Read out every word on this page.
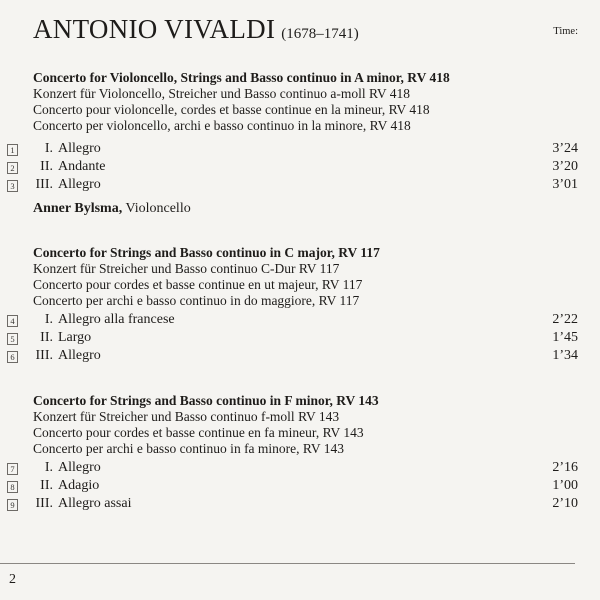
ANTONIO VIVALDI (1678–1741)	Time:
Concerto for Violoncello, Strings and Basso continuo in A minor, RV 418
Konzert für Violoncello, Streicher und Basso continuo a-moll RV 418
Concerto pour violoncelle, cordes et basse continue en la mineur, RV 418
Concerto per violoncello, archi e basso continuo in la minore, RV 418
1	I. Allegro	3’24
2	II. Andante	3’20
3 III. Allegro	3’01
Anner Bylsma, Violoncello
Concerto for Strings and Basso continuo in C major, RV 117
Konzert für Streicher und Basso continuo C-Dur RV 117
Concerto pour cordes et basse continue en ut majeur, RV 117
Concerto per archi e basso continuo in do maggiore, RV 117
4	I. Allegro alla francese	2’22
5	II. Largo	1’45
6 III. Allegro	1’34
Concerto for Strings and Basso continuo in F minor, RV 143
Konzert für Streicher und Basso continuo f-moll RV 143
Concerto pour cordes et basse continue en fa mineur, RV 143
Concerto per archi e basso continuo in fa minore, RV 143
7	I. Allegro	2’16
8	II. Adagio	1’00
9 III. Allegro assai	2’10
2
